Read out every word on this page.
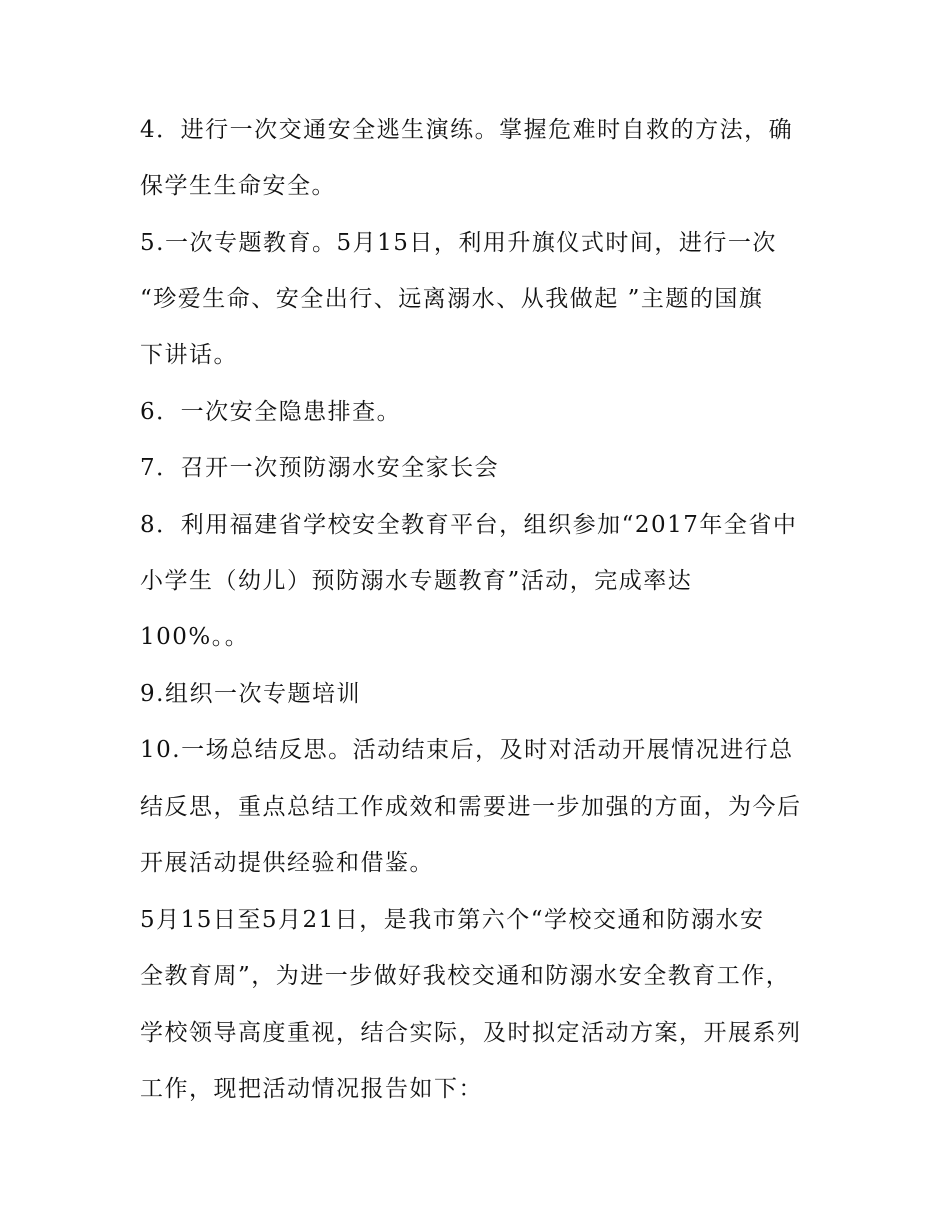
4．进行一次交通安全逃生演练。掌握危难时自救的方法，确
保学生生命安全。
5.一次专题教育。5月15日，利用升旗仪式时间，进行一次
“珍爱生命、安全出行、远离溺水、从我做起 ”主题的国旗
下讲话。
6．一次安全隐患排查。
7．召开一次预防溺水安全家长会
8．利用福建省学校安全教育平台，组织参加“2017年全省中
小学生（幼儿）预防溺水专题教育”活动，完成率达
100%。。
9.组织一次专题培训
10.一场总结反思。活动结束后，及时对活动开展情况进行总
结反思，重点总结工作成效和需要进一步加强的方面，为今后
开展活动提供经验和借鉴。
5月15日至5月21日，是我市第六个“学校交通和防溺水安
全教育周”，为进一步做好我校交通和防溺水安全教育工作，
学校领导高度重视，结合实际，及时拟定活动方案，开展系列
工作，现把活动情况报告如下：
